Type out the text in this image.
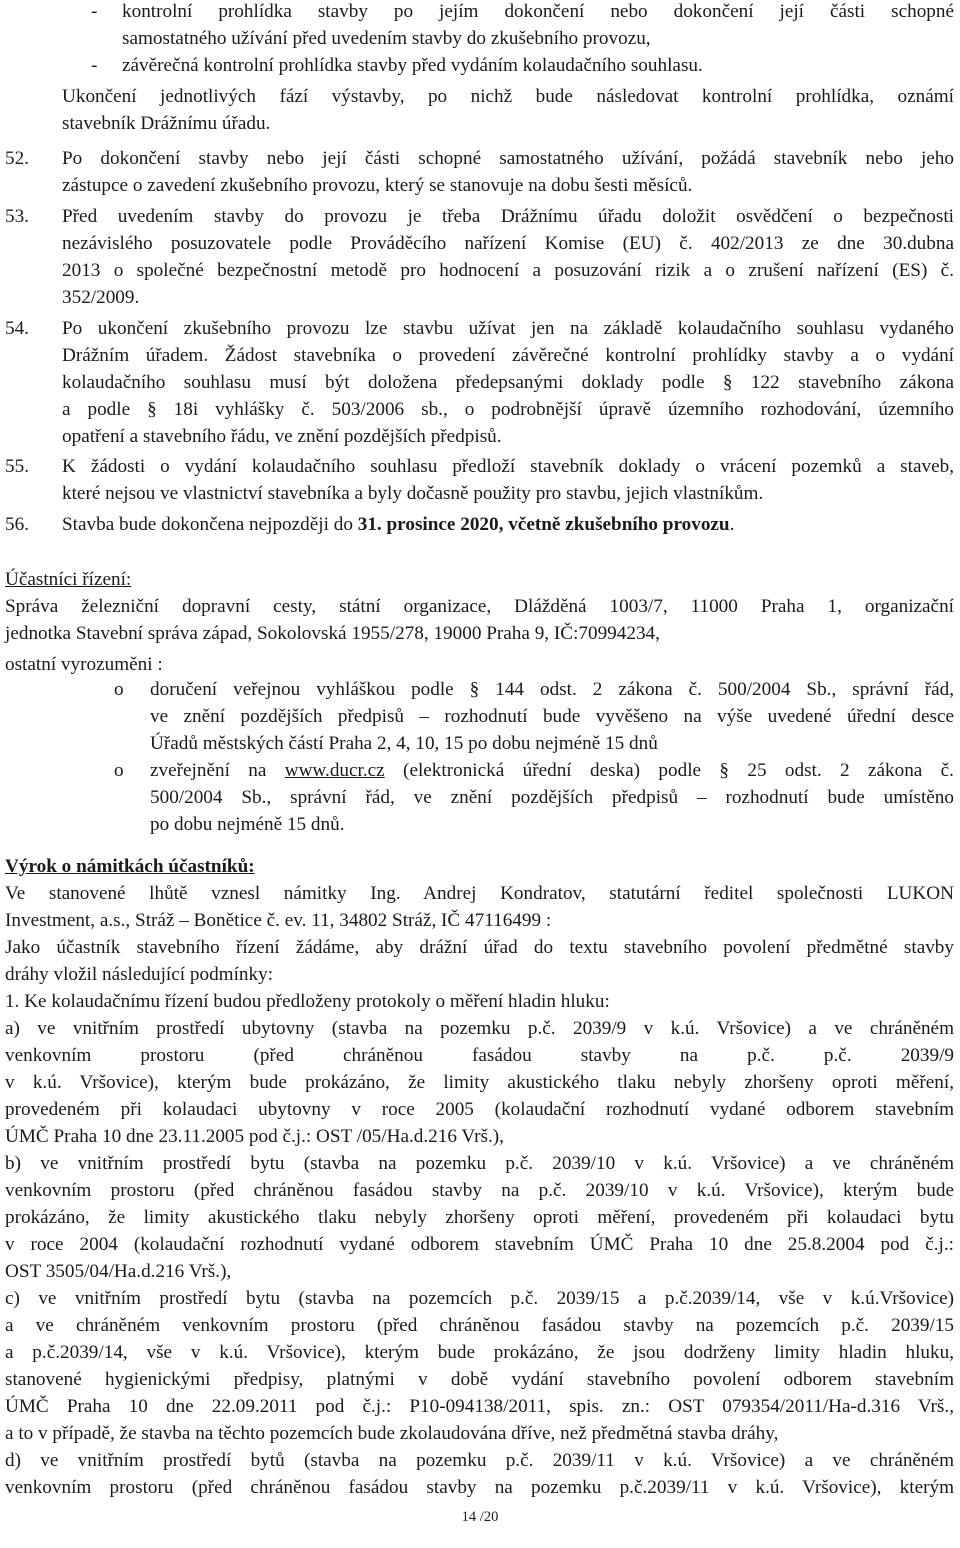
- kontrolní prohlídka stavby po jejím dokončení nebo dokončení její části schopné
samostatného užívání před uvedením stavby do zkušebního provozu,
- závěrečná kontrolní prohlídka stavby před vydáním kolaudačního souhlasu.
Ukončení jednotlivých fází výstavby, po nichž bude následovat kontrolní prohlídka, oznámí
stavebník Drážnímu úřadu.
52. Po dokončení stavby nebo její části schopné samostatného užívání, požádá stavebník nebo jeho
zástupce o zavedení zkušebního provozu, který se stanovuje na dobu šesti měsíců.
53. Před uvedením stavby do provozu je třeba Drážnímu úřadu doložit osvědčení o bezpečnosti
nezávislého posuzovatele podle Prováděcího nařízení Komise (EU) č. 402/2013 ze dne 30.dubna
2013 o společné bezpečnostní metodě pro hodnocení a posuzování rizik a o zrušení nařízení (ES) č.
352/2009.
54. Po ukončení zkušebního provozu lze stavbu užívat jen na základě kolaudačního souhlasu vydaného
Drážním úřadem. Žádost stavebníka o provedení závěrečné kontrolní prohlídky stavby a o vydání
kolaudačního souhlasu musí být doložena předepsanými doklady podle § 122 stavebního zákona
a podle § 18i vyhlášky č. 503/2006 sb., o podrobnější úpravě územního rozhodování, územního
opatření a stavebního řádu, ve znění pozdějších předpisů.
55. K žádosti o vydání kolaudačního souhlasu předloží stavebník doklady o vrácení pozemků a staveb,
které nejsou ve vlastnictví stavebníka a byly dočasně použity pro stavbu, jejich vlastníkům.
56. Stavba bude dokončena nejpozději do 31. prosince 2020, včetně zkušebního provozu.
Účastníci řízení:
Správa železniční dopravní cesty, státní organizace, Dlážděná 1003/7, 11000 Praha 1, organizační
jednotka Stavební správa západ, Sokolovská 1955/278, 19000 Praha 9, IČ:70994234,
ostatní vyrozuměni :
o doručení veřejnou vyhláškou podle § 144 odst. 2 zákona č. 500/2004 Sb., správní řád,
ve znění pozdějších předpisů – rozhodnutí bude vyvěšeno na výše uvedené úřední desce
Úřadů městských částí Praha 2, 4, 10, 15 po dobu nejméně 15 dnů
o zveřejnění na www.ducr.cz (elektronická úřední deska) podle § 25 odst. 2 zákona č.
500/2004 Sb., správní řád, ve znění pozdějších předpisů – rozhodnutí bude umístěno
po dobu nejméně 15 dnů.
Výrok o námitkách účastníků:
Ve stanovené lhůtě vznesl námitky Ing. Andrej Kondratov, statutární ředitel společnosti LUKON
Investment, a.s., Stráž – Bonětice č. ev. 11, 34802 Stráž, IČ 47116499 :
Jako účastník stavebního řízení žádáme, aby drážní úřad do textu stavebního povolení předmětné stavby
dráhy vložil následující podmínky:
1. Ke kolaudačnímu řízení budou předloženy protokoly o měření hladin hluku:
a) ve vnitřním prostředí ubytovny (stavba na pozemku p.č. 2039/9 v k.ú. Vršovice) a ve chráněném
venkovním prostoru (před chráněnou fasádou stavby na p.č. p.č. 2039/9
v k.ú. Vršovice), kterým bude prokázáno, že limity akustického tlaku nebyly zhoršeny oproti měření,
provedeném při kolaudaci ubytovny v roce 2005 (kolaudační rozhodnutí vydané odborem stavebním
ÚMČ Praha 10 dne 23.11.2005 pod č.j.: OST /05/Ha.d.216 Vrš.),
b) ve vnitřním prostředí bytu (stavba na pozemku p.č. 2039/10 v k.ú. Vršovice) a ve chráněném
venkovním prostoru (před chráněnou fasádou stavby na p.č. 2039/10 v k.ú. Vršovice), kterým bude
prokázáno, že limity akustického tlaku nebyly zhoršeny oproti měření, provedeném při kolaudaci bytu
v roce 2004 (kolaudační rozhodnutí vydané odborem stavebním ÚMČ Praha 10 dne 25.8.2004 pod č.j.:
OST 3505/04/Ha.d.216 Vrš.),
c) ve vnitřním prostředí bytu (stavba na pozemcích p.č. 2039/15 a p.č.2039/14, vše v k.ú.Vršovice)
a ve chráněném venkovním prostoru (před chráněnou fasádou stavby na pozemcích p.č. 2039/15
a p.č.2039/14, vše v k.ú. Vršovice), kterým bude prokázáno, že jsou dodrženy limity hladin hluku,
stanovené hygienickými předpisy, platnými v době vydání stavebního povolení odborem stavebním
ÚMČ Praha 10 dne 22.09.2011 pod č.j.: P10-094138/2011, spis. zn.: OST 079354/2011/Ha-d.316 Vrš.,
a to v případě, že stavba na těchto pozemcích bude zkolaudována dříve, než předmětná stavba dráhy,
d) ve vnitřním prostředí bytů (stavba na pozemku p.č. 2039/11 v k.ú. Vršovice) a ve chráněném
venkovním prostoru (před chráněnou fasádou stavby na pozemku p.č.2039/11 v k.ú. Vršovice), kterým
14 /20
